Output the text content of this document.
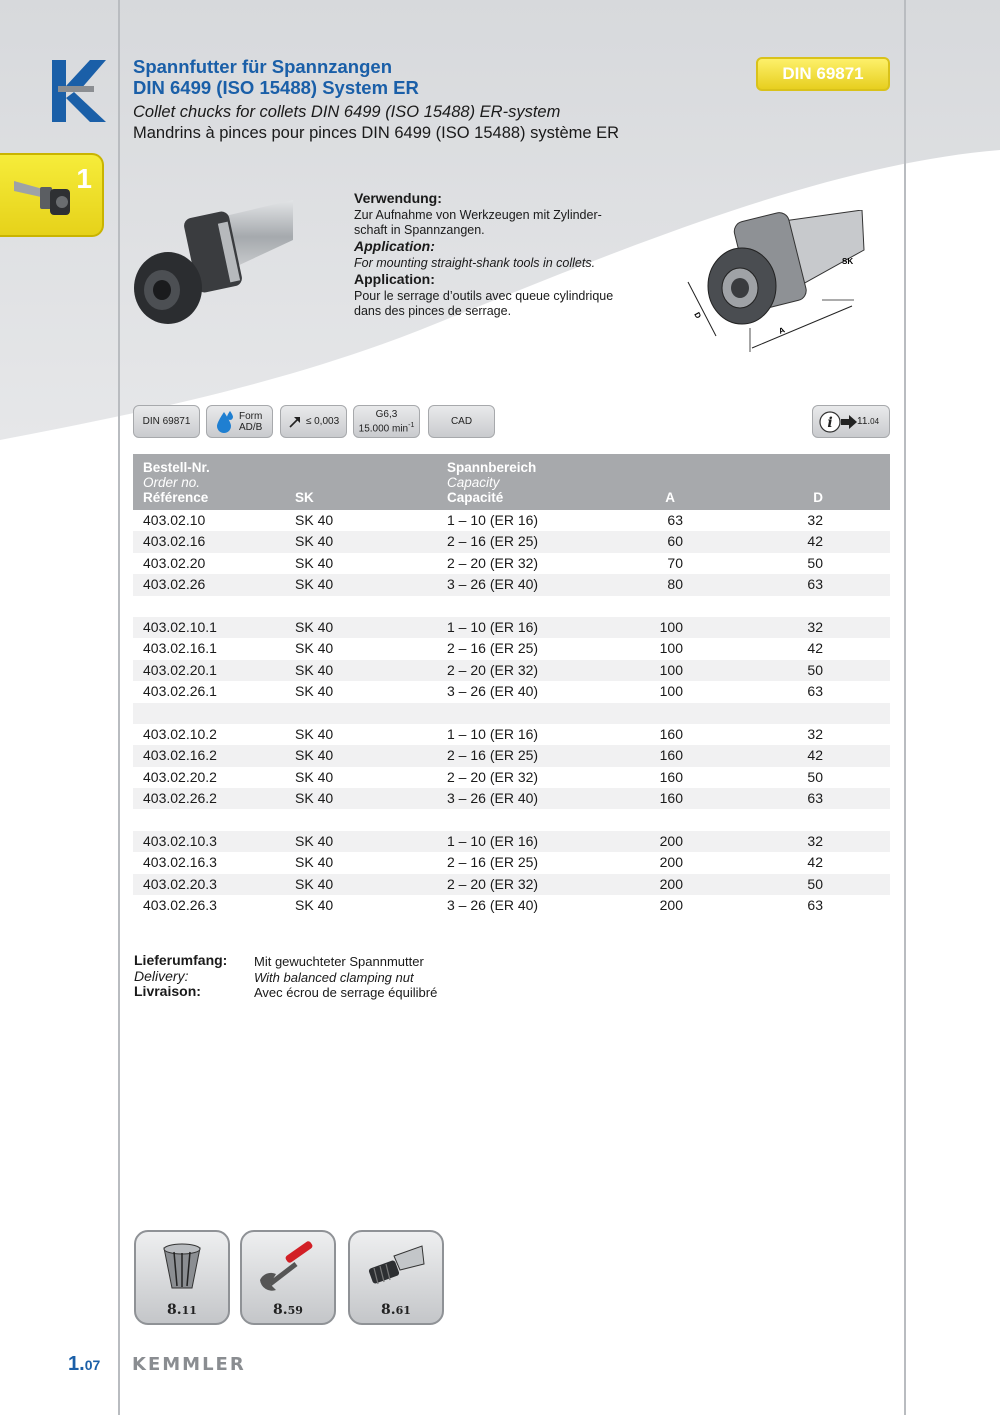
1
Spannfutter für Spannzangen
DIN 6499 (ISO 15488) System ER
Collet chucks for collets DIN 6499 (ISO 15488) ER-system
Mandrins à pinces pour pinces DIN 6499 (ISO 15488) système ER
DIN 69871

Verwendung:

Zur Aufnahme von Werkzeugen mit Zylinder-
schaft in Spannzangen.

Application:

For mounting straight-shank tools in collets.

Application:

Pour le serrage d’outils avec queue cylindrique
dans des pinces de serrage.	D
A
SK
DIN 69871	Form
AD/B	≤ 0,003
G6,3
15.000 $\min^{-1}$	CAD	i 11. 04
Bestell-Nr.
Order no.
Référence	SK
Spannbereich
Capacity
Capacité	A	D
403.02.10	SK 40	1 – 10 (ER 16)	63	32
403.02.16	SK 40	2 – 16 (ER 25)	60	42
403.02.20	SK 40	2 – 20 (ER 32)	70	50
403.02.26	SK 40	3 – 26 (ER 40)	80	63
403.02.10.1	SK 40	1 – 10 (ER 16)	100	32
403.02.16.1	SK 40	2 – 16 (ER 25)	100	42
403.02.20.1	SK 40	2 – 20 (ER 32)	100	50
403.02.26.1	SK 40	3 – 26 (ER 40)	100	63
403.02.10.2	SK 40	1 – 10 (ER 16)	160	32
403.02.16.2	SK 40	2 – 16 (ER 25)	160	42
403.02.20.2	SK 40	2 – 20 (ER 32)	160	50
403.02.26.2	SK 40	3 – 26 (ER 40)	160	63
403.02.10.3	SK 40	1 – 10 (ER 16)	200	32
403.02.16.3	SK 40	2 – 16 (ER 25)	200	42
403.02.20.3	SK 40	2 – 20 (ER 32)	200	50
403.02.26.3	SK 40	3 – 26 (ER 40)	200	63
Lieferumfang:	Mit gewuchteter Spannmutter
Delivery:	With balanced clamping nut
Livraison:	Avec écrou de serrage équilibré
8.11	8.59	8.61
1.07 KEMMLER
